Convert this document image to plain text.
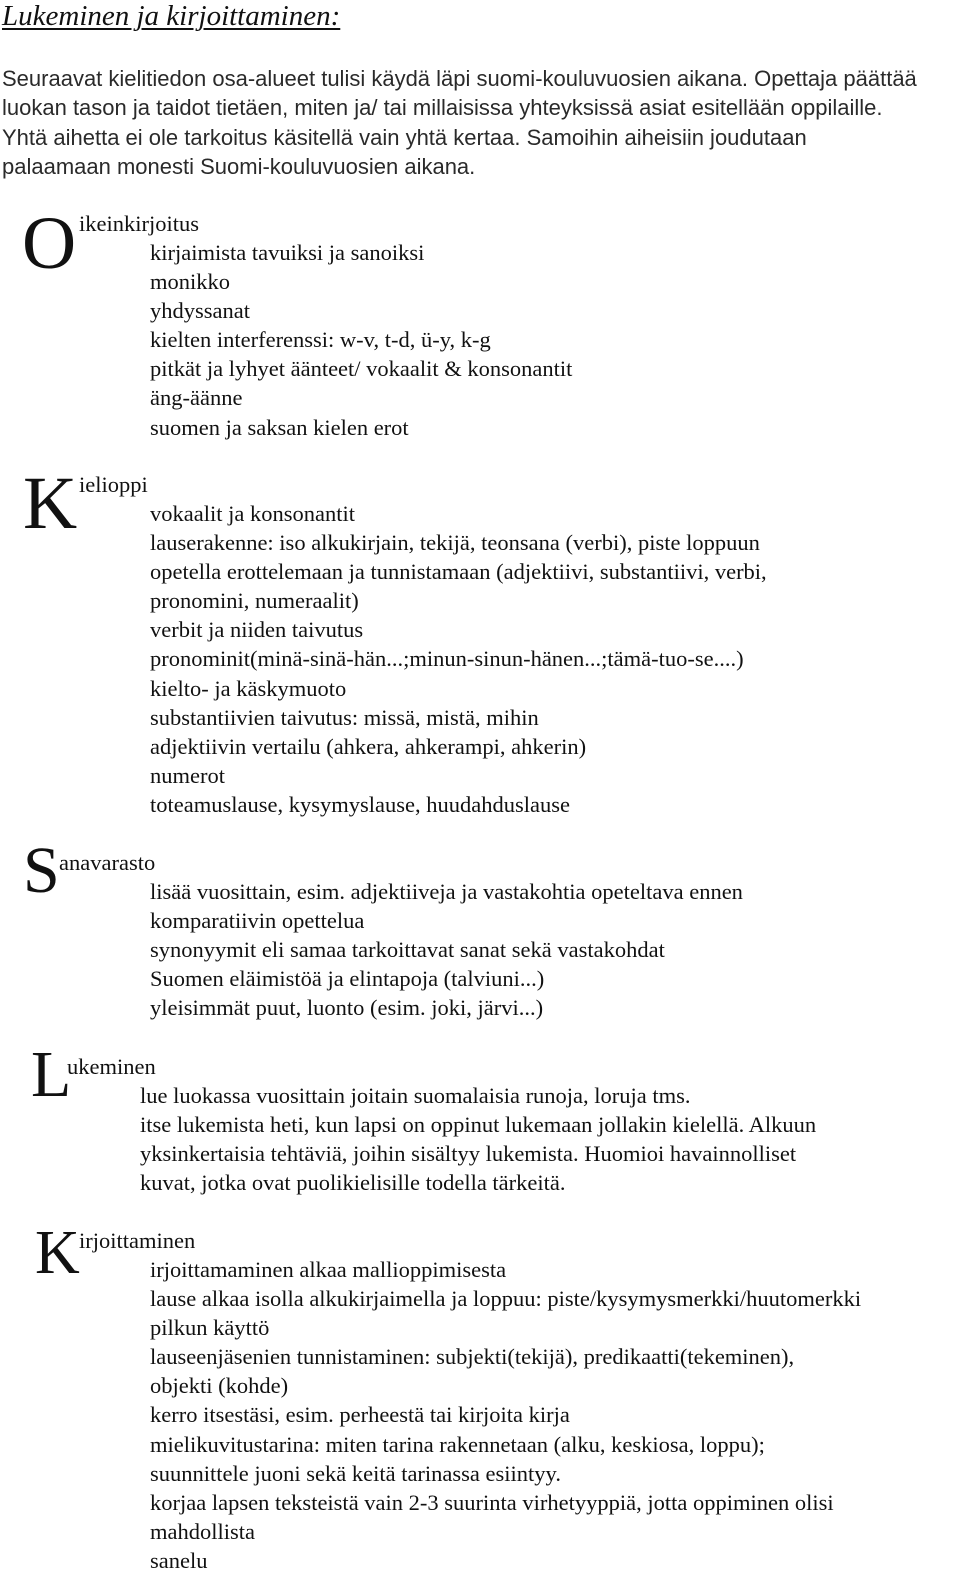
Lukeminen ja kirjoittaminen:
Seuraavat kielitiedon osa-alueet tulisi käydä läpi suomi-kouluvuosien aikana. Opettaja päättää
luokan tason ja taidot tietäen, miten ja/ tai millaisissa yhteyksissä asiat esitellään oppilaille.
Yhtä aihetta ei ole tarkoitus käsitellä vain yhtä kertaa. Samoihin aiheisiin joudutaan
palaamaan monesti Suomi-kouluvuosien aikana.
O ikeinkirjoitus
kirjaimista tavuiksi ja sanoiksi
monikko
yhdyssanat
kielten interferenssi: w-v, t-d, ü-y, k-g
pitkät ja lyhyet äänteet/ vokaalit & konsonantit
äng-äänne
suomen ja saksan kielen erot
K ielioppi
vokaalit ja konsonantit
lauserakenne: iso alkukirjain, tekijä, teonsana (verbi), piste loppuun
opetella erottelemaan ja tunnistamaan (adjektiivi, substantiivi, verbi,
pronomini, numeraalit)
verbit ja niiden taivutus
pronominit(minä-sinä-hän...;minun-sinun-hänen...;tämä-tuo-se....)
kielto- ja käskymuoto
substantiivien taivutus: missä, mistä, mihin
adjektiivin vertailu (ahkera, ahkerampi, ahkerin)
numerot
toteamuslause, kysymyslause, huudahduslause
S anavarasto
lisää vuosittain, esim. adjektiiveja ja vastakohtia opeteltava ennen
komparatiivin opettelua
synonyymit eli samaa tarkoittavat sanat sekä vastakohdat
Suomen eläimistöä ja elintapoja (talviuni...)
yleisimmät puut, luonto (esim. joki, järvi...)
L
ukeminen
lue luokassa vuosittain joitain suomalaisia runoja, loruja tms.
itse lukemista heti, kun lapsi on oppinut lukemaan jollakin kielellä. Alkuun
yksinkertaisia tehtäviä, joihin sisältyy lukemista. Huomioi havainnolliset
kuvat, jotka ovat puolikielisille todella tärkeitä.
K irjoittaminen
irjoittamaminen alkaa mallioppimisesta
lause alkaa isolla alkukirjaimella ja loppuu: piste/kysymysmerkki/huutomerkki
pilkun käyttö
lauseenjäsenien tunnistaminen: subjekti(tekijä), predikaatti(tekeminen),
objekti (kohde)
kerro itsestäsi, esim. perheestä tai kirjoita kirja
mielikuvitustarina: miten tarina rakennetaan (alku, keskiosa, loppu);
suunnittele juoni sekä keitä tarinassa esiintyy.
korjaa lapsen teksteistä vain 2-3 suurinta virhetyyppiä, jotta oppiminen olisi
mahdollista
sanelu
